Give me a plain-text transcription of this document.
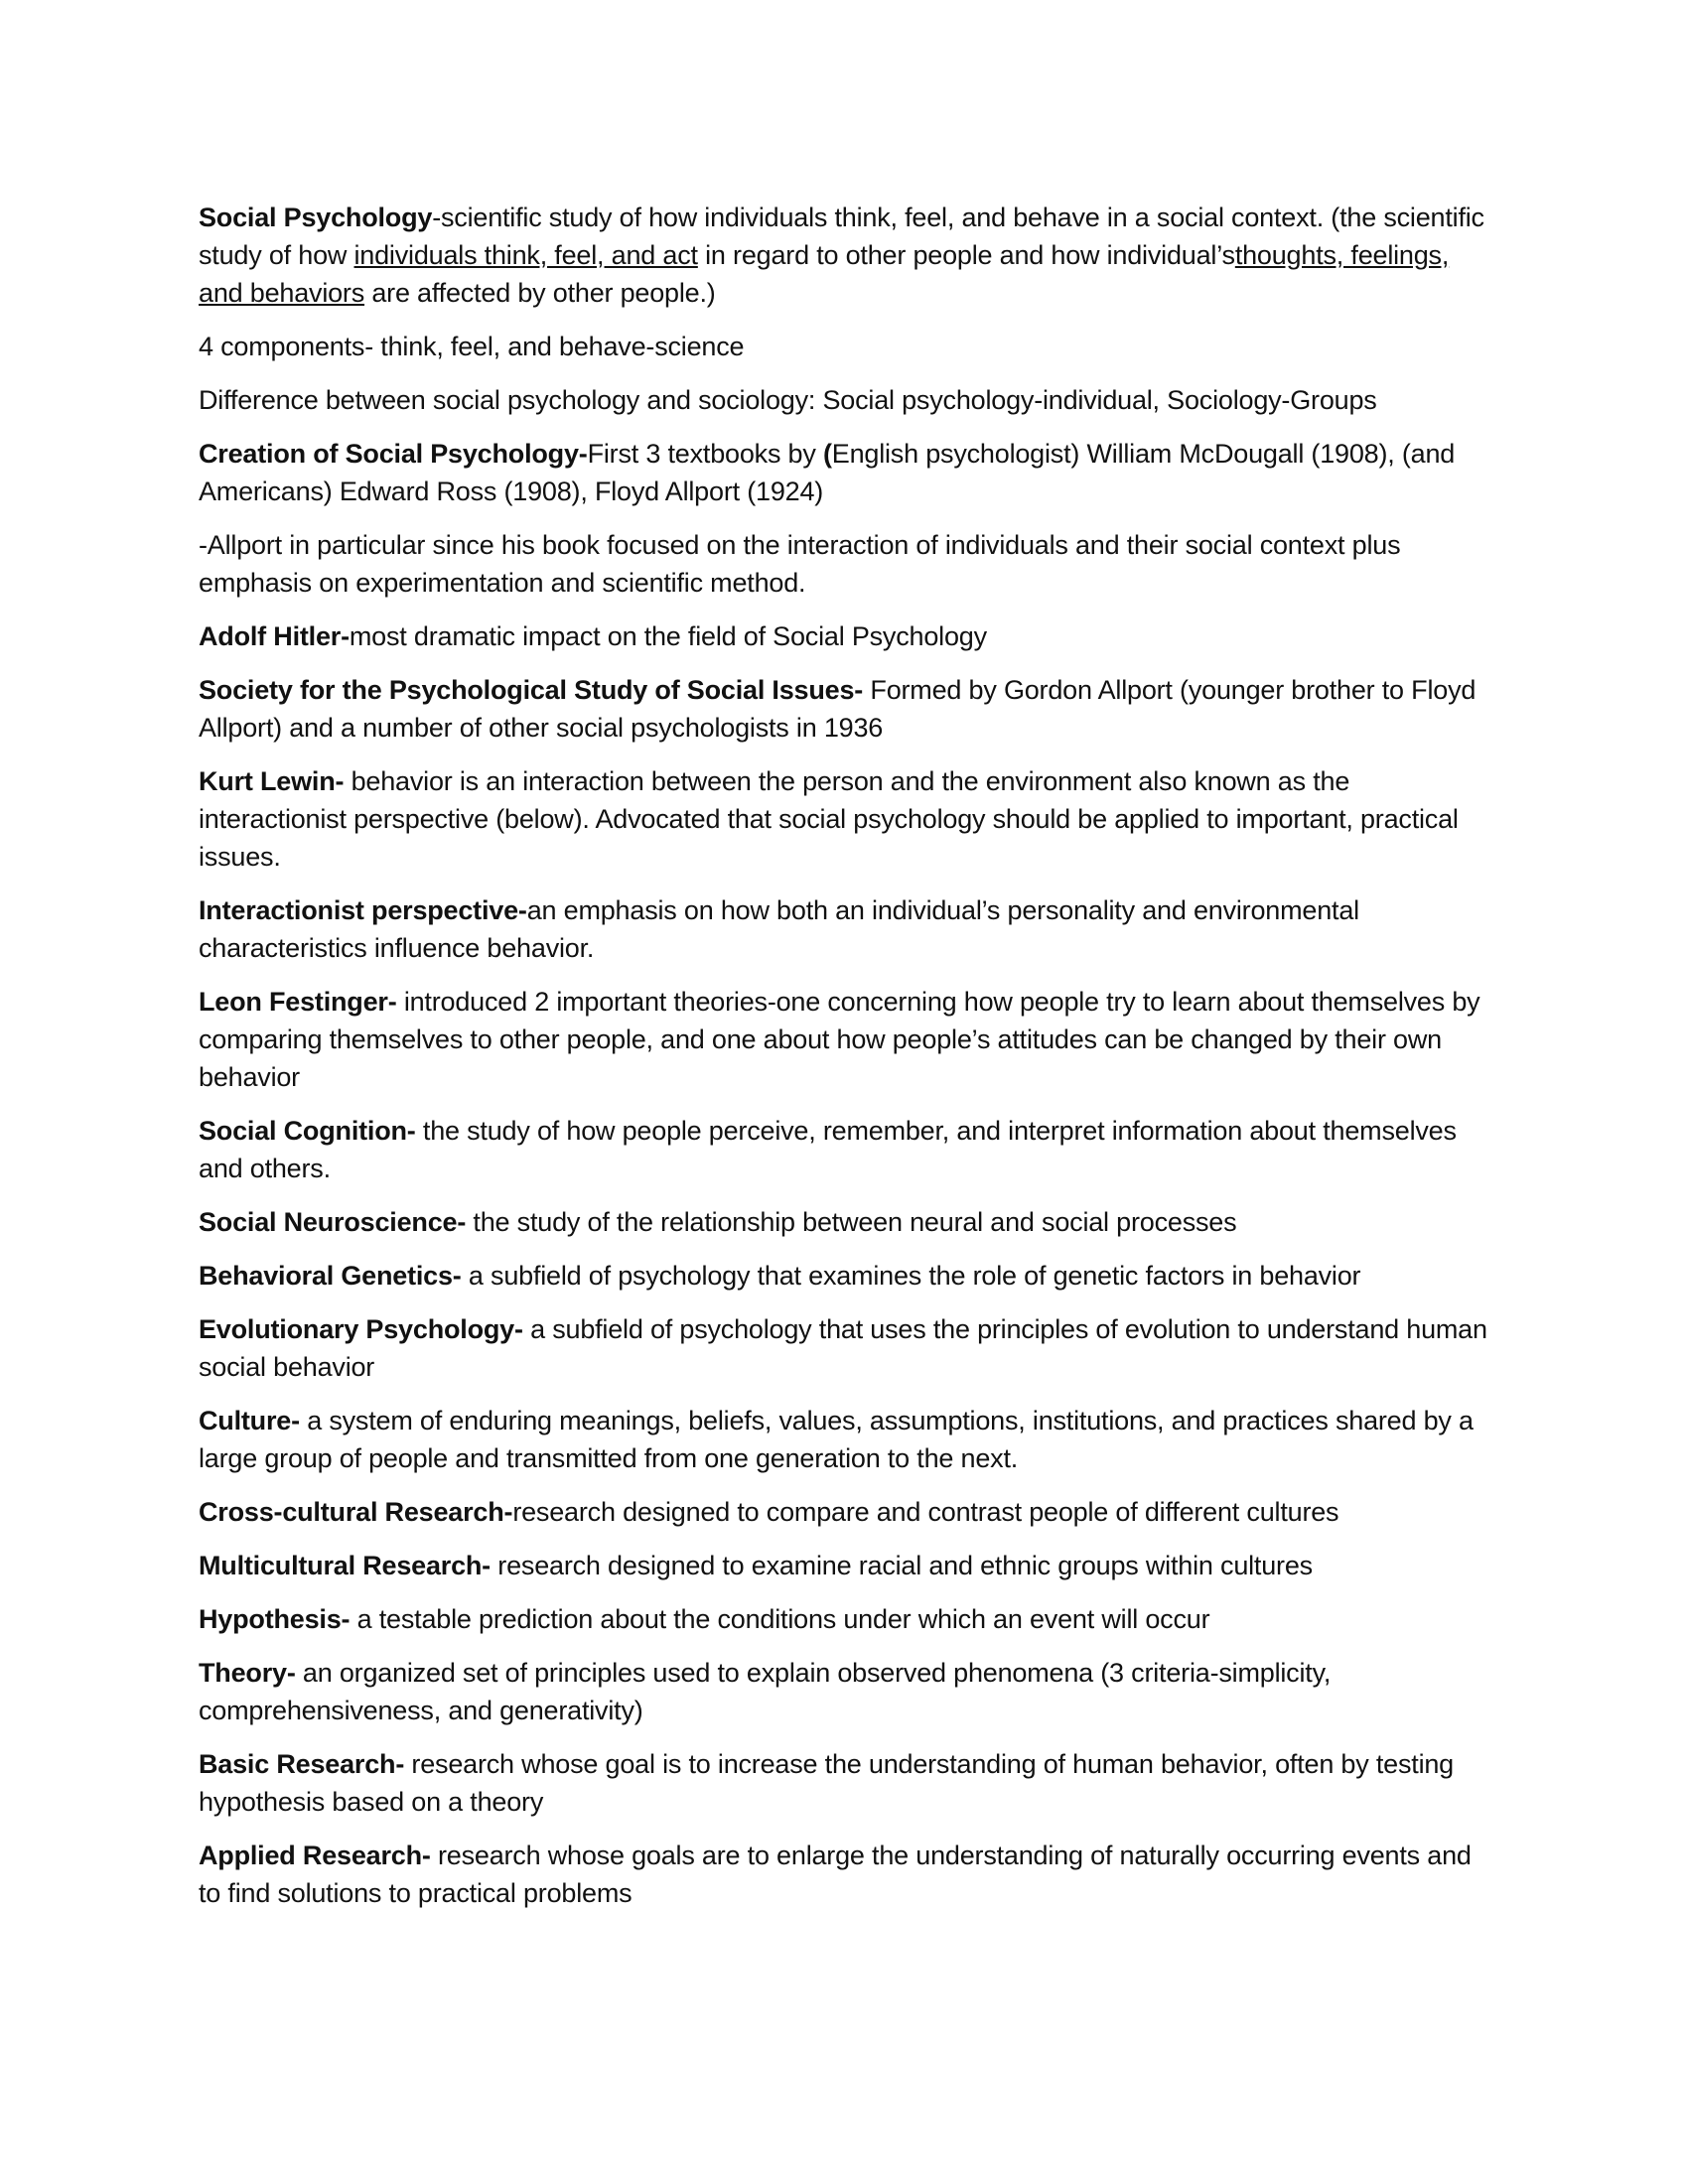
Social Psychology-scientific study of how individuals think, feel, and behave in a social context. (the scientific study of how individuals think, feel, and act in regard to other people and how individual’sthoughts, feelings, and behaviors are affected by other people.)

4 components- think, feel, and behave-science

Difference between social psychology and sociology: Social psychology-individual, Sociology-Groups

Creation of Social Psychology-First 3 textbooks by (English psychologist) William McDougall (1908), (and Americans) Edward Ross (1908), Floyd Allport (1924)

-Allport in particular since his book focused on the interaction of individuals and their social context plus emphasis on experimentation and scientific method.

Adolf Hitler-most dramatic impact on the field of Social Psychology

Society for the Psychological Study of Social Issues- Formed by Gordon Allport (younger brother to Floyd Allport) and a number of other social psychologists in 1936

Kurt Lewin- behavior is an interaction between the person and the environment also known as the interactionist perspective (below). Advocated that social psychology should be applied to important, practical issues.

Interactionist perspective-an emphasis on how both an individual’s personality and environmental characteristics influence behavior.

Leon Festinger- introduced 2 important theories-one concerning how people try to learn about themselves by comparing themselves to other people, and one about how people’s attitudes can be changed by their own behavior

Social Cognition- the study of how people perceive, remember, and interpret information about themselves and others.

Social Neuroscience- the study of the relationship between neural and social processes

Behavioral Genetics- a subfield of psychology that examines the role of genetic factors in behavior

Evolutionary Psychology- a subfield of psychology that uses the principles of evolution to understand human social behavior

Culture- a system of enduring meanings, beliefs, values, assumptions, institutions, and practices shared by a large group of people and transmitted from one generation to the next.

Cross-cultural Research-research designed to compare and contrast people of different cultures

Multicultural Research- research designed to examine racial and ethnic groups within cultures

Hypothesis- a testable prediction about the conditions under which an event will occur

Theory- an organized set of principles used to explain observed phenomena (3 criteria-simplicity, comprehensiveness, and generativity)

Basic Research- research whose goal is to increase the understanding of human behavior, often by testing hypothesis based on a theory

Applied Research- research whose goals are to enlarge the understanding of naturally occurring events and to find solutions to practical problems
